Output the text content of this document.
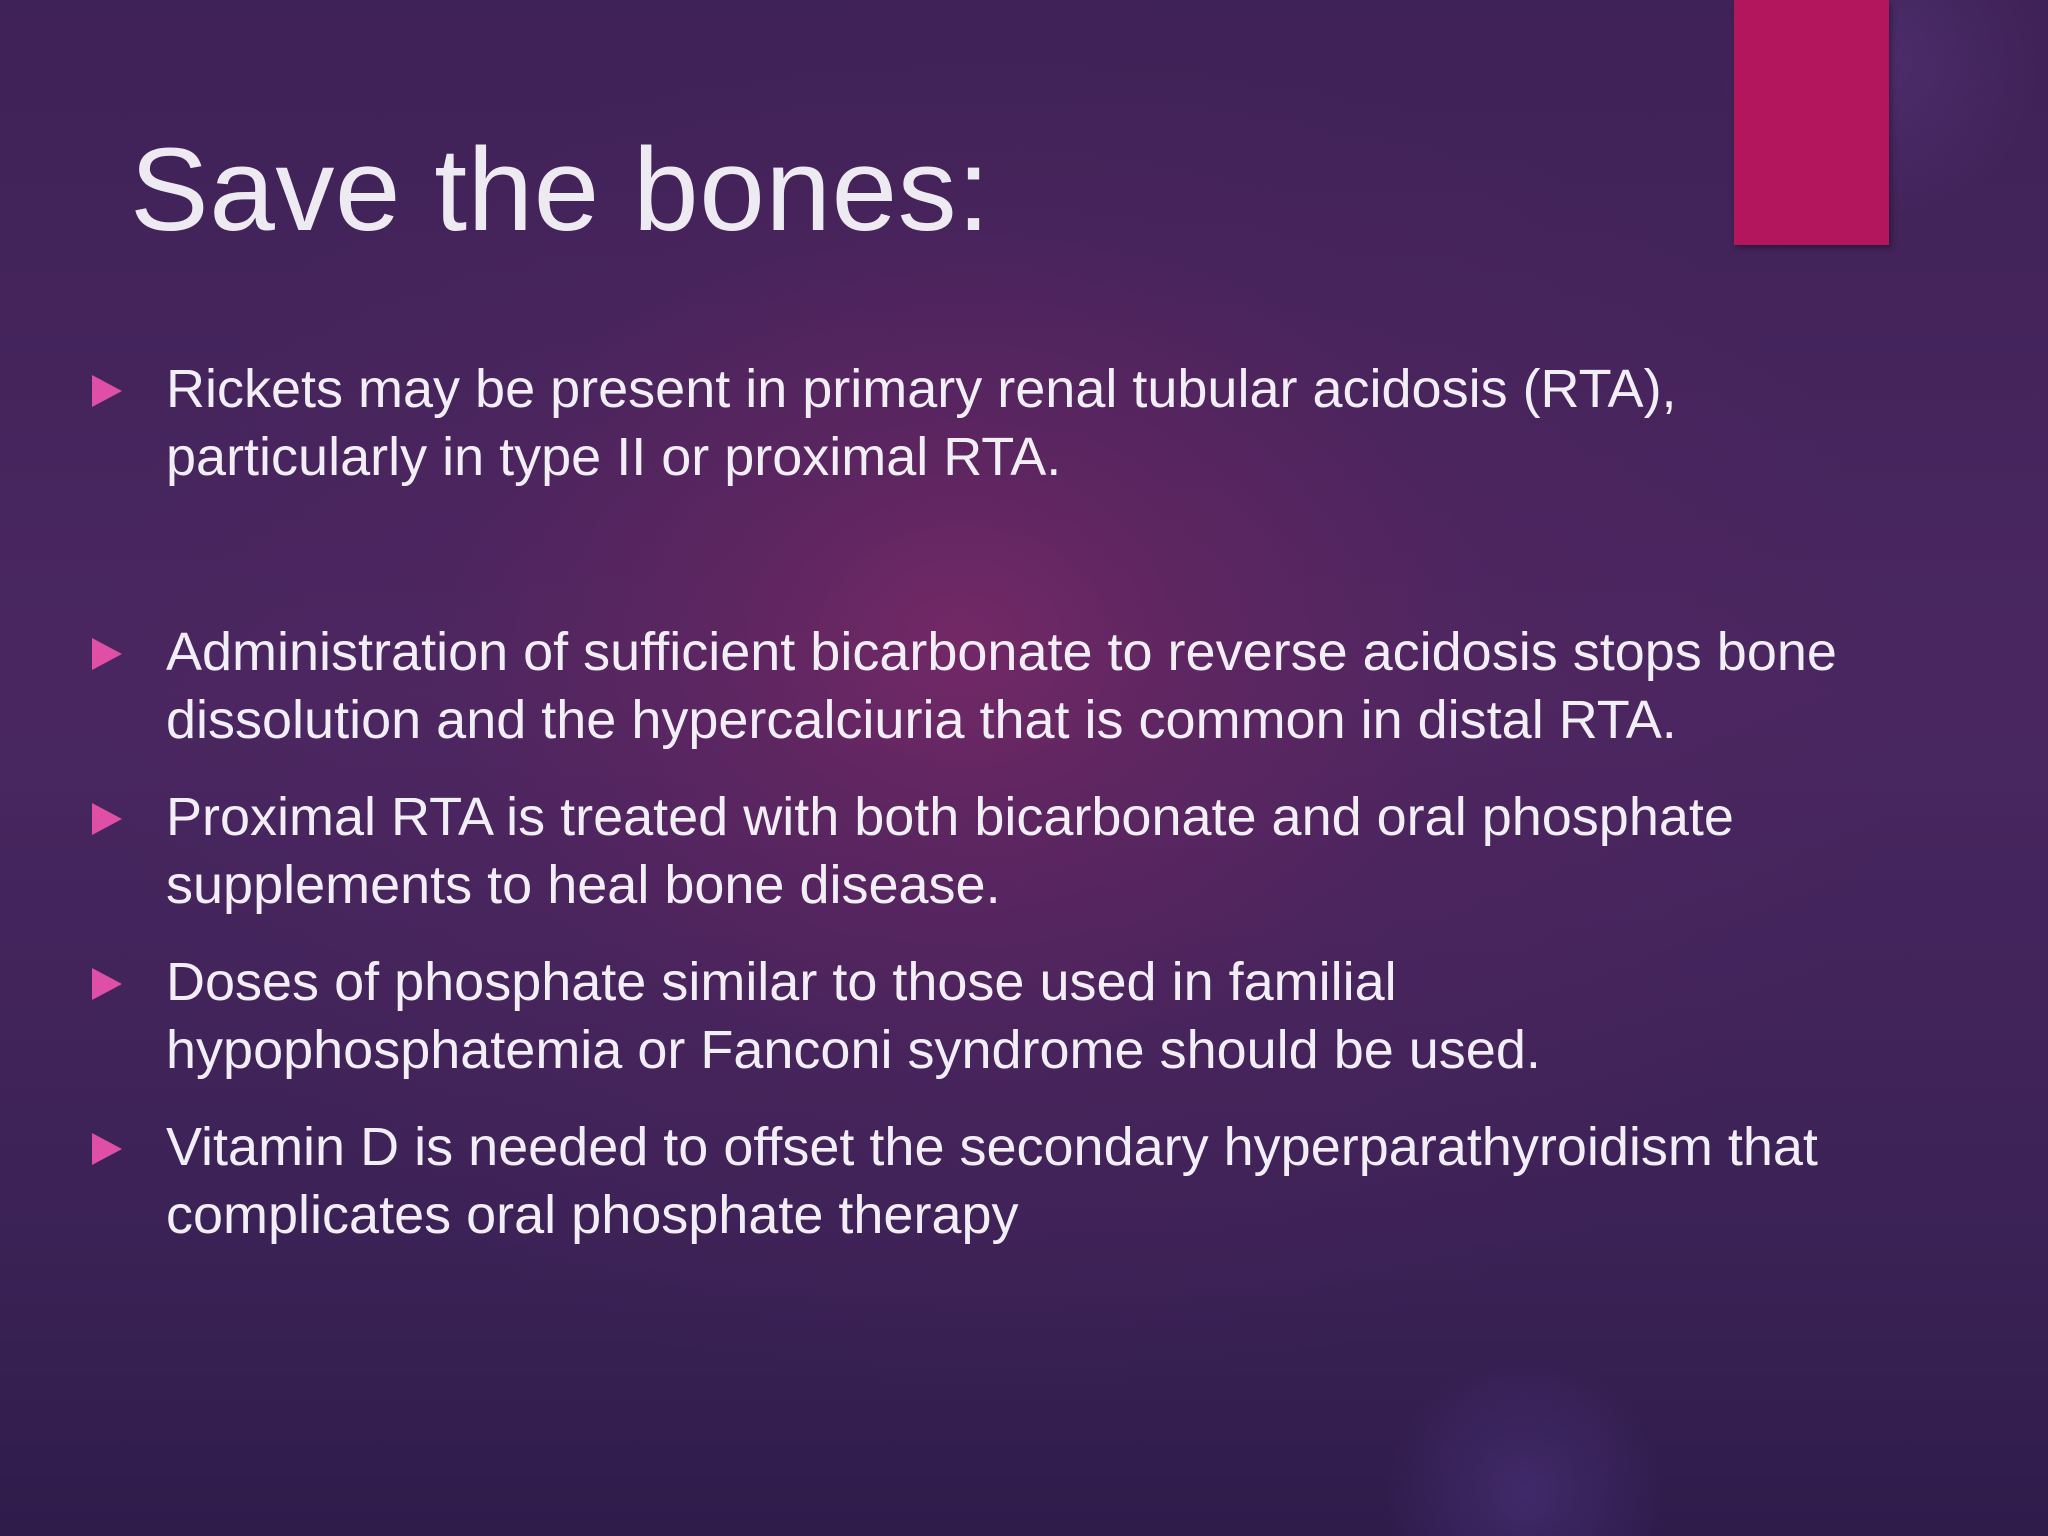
Save the bones:
Rickets may be present in primary renal tubular acidosis (RTA), particularly in type II or proximal RTA.
Administration of sufficient bicarbonate to reverse acidosis stops bone dissolution and the hypercalciuria that is common in distal RTA.
Proximal RTA is treated with both bicarbonate and oral phosphate supplements to heal bone disease.
Doses of phosphate similar to those used in familial hypophosphatemia or Fanconi syndrome should be used.
Vitamin D is needed to offset the secondary hyperparathyroidism that complicates oral phosphate therapy
